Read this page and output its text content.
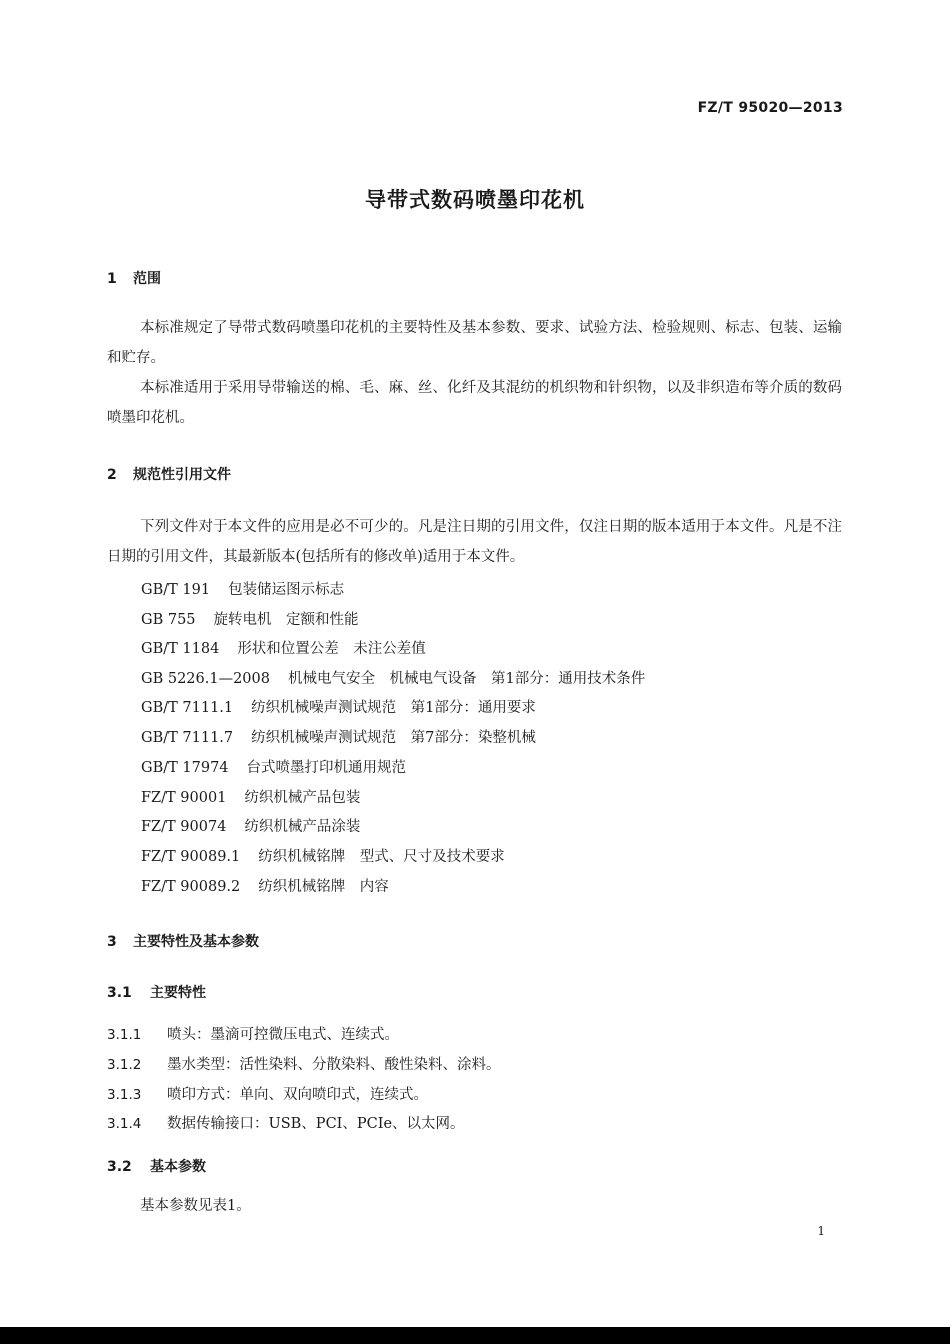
FZ/T 95020—2013
导带式数码喷墨印花机
1 范围
本标准规定了导带式数码喷墨印花机的主要特性及基本参数、要求、试验方法、检验规则、标志、包装、运输和贮存。
本标准适用于采用导带输送的棉、毛、麻、丝、化纤及其混纺的机织物和针织物，以及非织造布等介质的数码喷墨印花机。
2 规范性引用文件
下列文件对于本文件的应用是必不可少的。凡是注日期的引用文件，仅注日期的版本适用于本文件。凡是不注日期的引用文件，其最新版本(包括所有的修改单)适用于本文件。
GB/T 191 包装储运图示标志
GB 755 旋转电机　定额和性能
GB/T 1184 形状和位置公差　未注公差值
GB 5226.1—2008 机械电气安全　机械电气设备　第1部分：通用技术条件
GB/T 7111.1 纺织机械噪声测试规范　第1部分：通用要求
GB/T 7111.7 纺织机械噪声测试规范　第7部分：染整机械
GB/T 17974 台式喷墨打印机通用规范
FZ/T 90001 纺织机械产品包装
FZ/T 90074 纺织机械产品涂装
FZ/T 90089.1 纺织机械铭牌　型式、尺寸及技术要求
FZ/T 90089.2 纺织机械铭牌　内容
3 主要特性及基本参数
3.1 主要特性
3.1.1 喷头：墨滴可控微压电式、连续式。
3.1.2 墨水类型：活性染料、分散染料、酸性染料、涂料。
3.1.3 喷印方式：单向、双向喷印式，连续式。
3.1.4 数据传输接口：USB、PCI、PCIe、以太网。
3.2 基本参数
基本参数见表1。
1
